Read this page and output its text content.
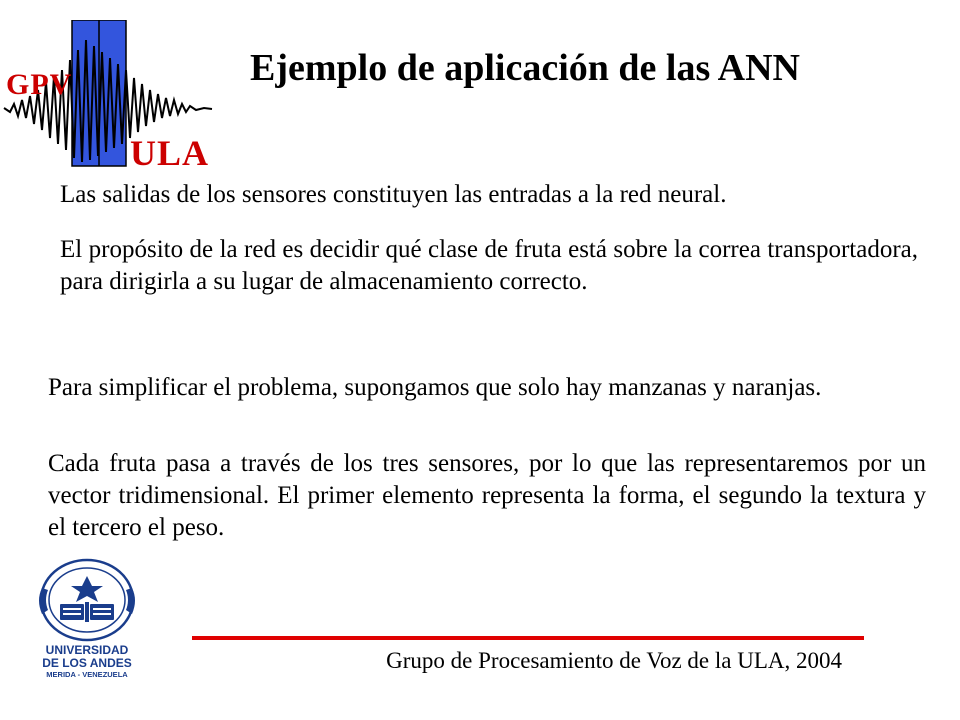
GPV
ULA
Ejemplo de aplicación de las ANN
Las salidas de los sensores constituyen las entradas a la red neural.
El propósito de la red es decidir qué clase de fruta está sobre la correa transportadora, para dirigirla a su lugar de almacenamiento correcto.
Para simplificar el problema, supongamos que solo hay manzanas y naranjas.
Cada fruta pasa a través de los tres sensores, por lo que las representaremos por un vector tridimensional. El primer elemento representa la forma, el segundo la textura y el tercero el peso.
UNIVERSIDAD
DE LOS ANDES
MERIDA - VENEZUELA
Grupo de Procesamiento de Voz de la ULA, 2004
